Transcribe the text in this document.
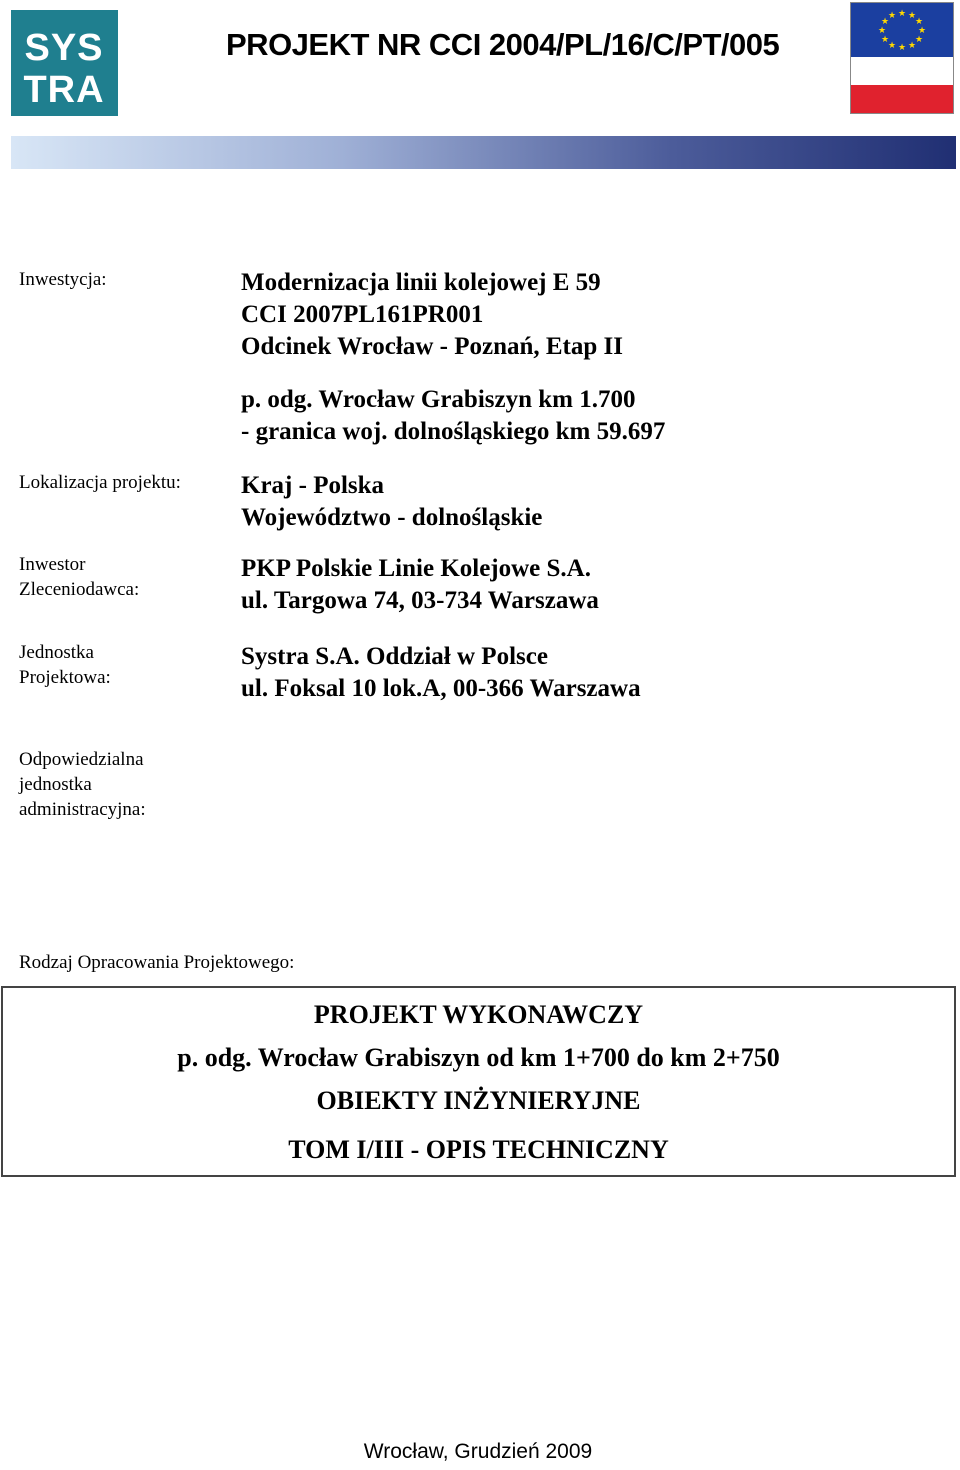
SYS
TRA
PROJEKT NR CCI 2004/PL/16/C/PT/005
★ ★
★
★
★
★
★
★
★
★
★
★
Inwestycja:	Modernizacja linii kolejowej E 59
CCI 2007PL161PR001
Odcinek Wrocław - Poznań, Etap II
p. odg. Wrocław Grabiszyn km 1.700
- granica woj. dolnośląskiego km 59.697
Lokalizacja projektu: Kraj - Polska
Województwo - dolnośląskie
Inwestor
Zleceniodawca:
PKP Polskie Linie Kolejowe S.A.
ul. Targowa 74, 03-734 Warszawa
Jednostka
Projektowa:
Systra S.A. Oddział w Polsce
ul. Foksal 10 lok.A, 00-366 Warszawa
Odpowiedzialna
jednostka
administracyjna:
Rodzaj Opracowania Projektowego:
PROJEKT WYKONAWCZY
p. odg. Wrocław Grabiszyn od km 1+700 do km 2+750
OBIEKTY INŻYNIERYJNE
TOM I/III - OPIS TECHNICZNY
Wrocław, Grudzień 2009
